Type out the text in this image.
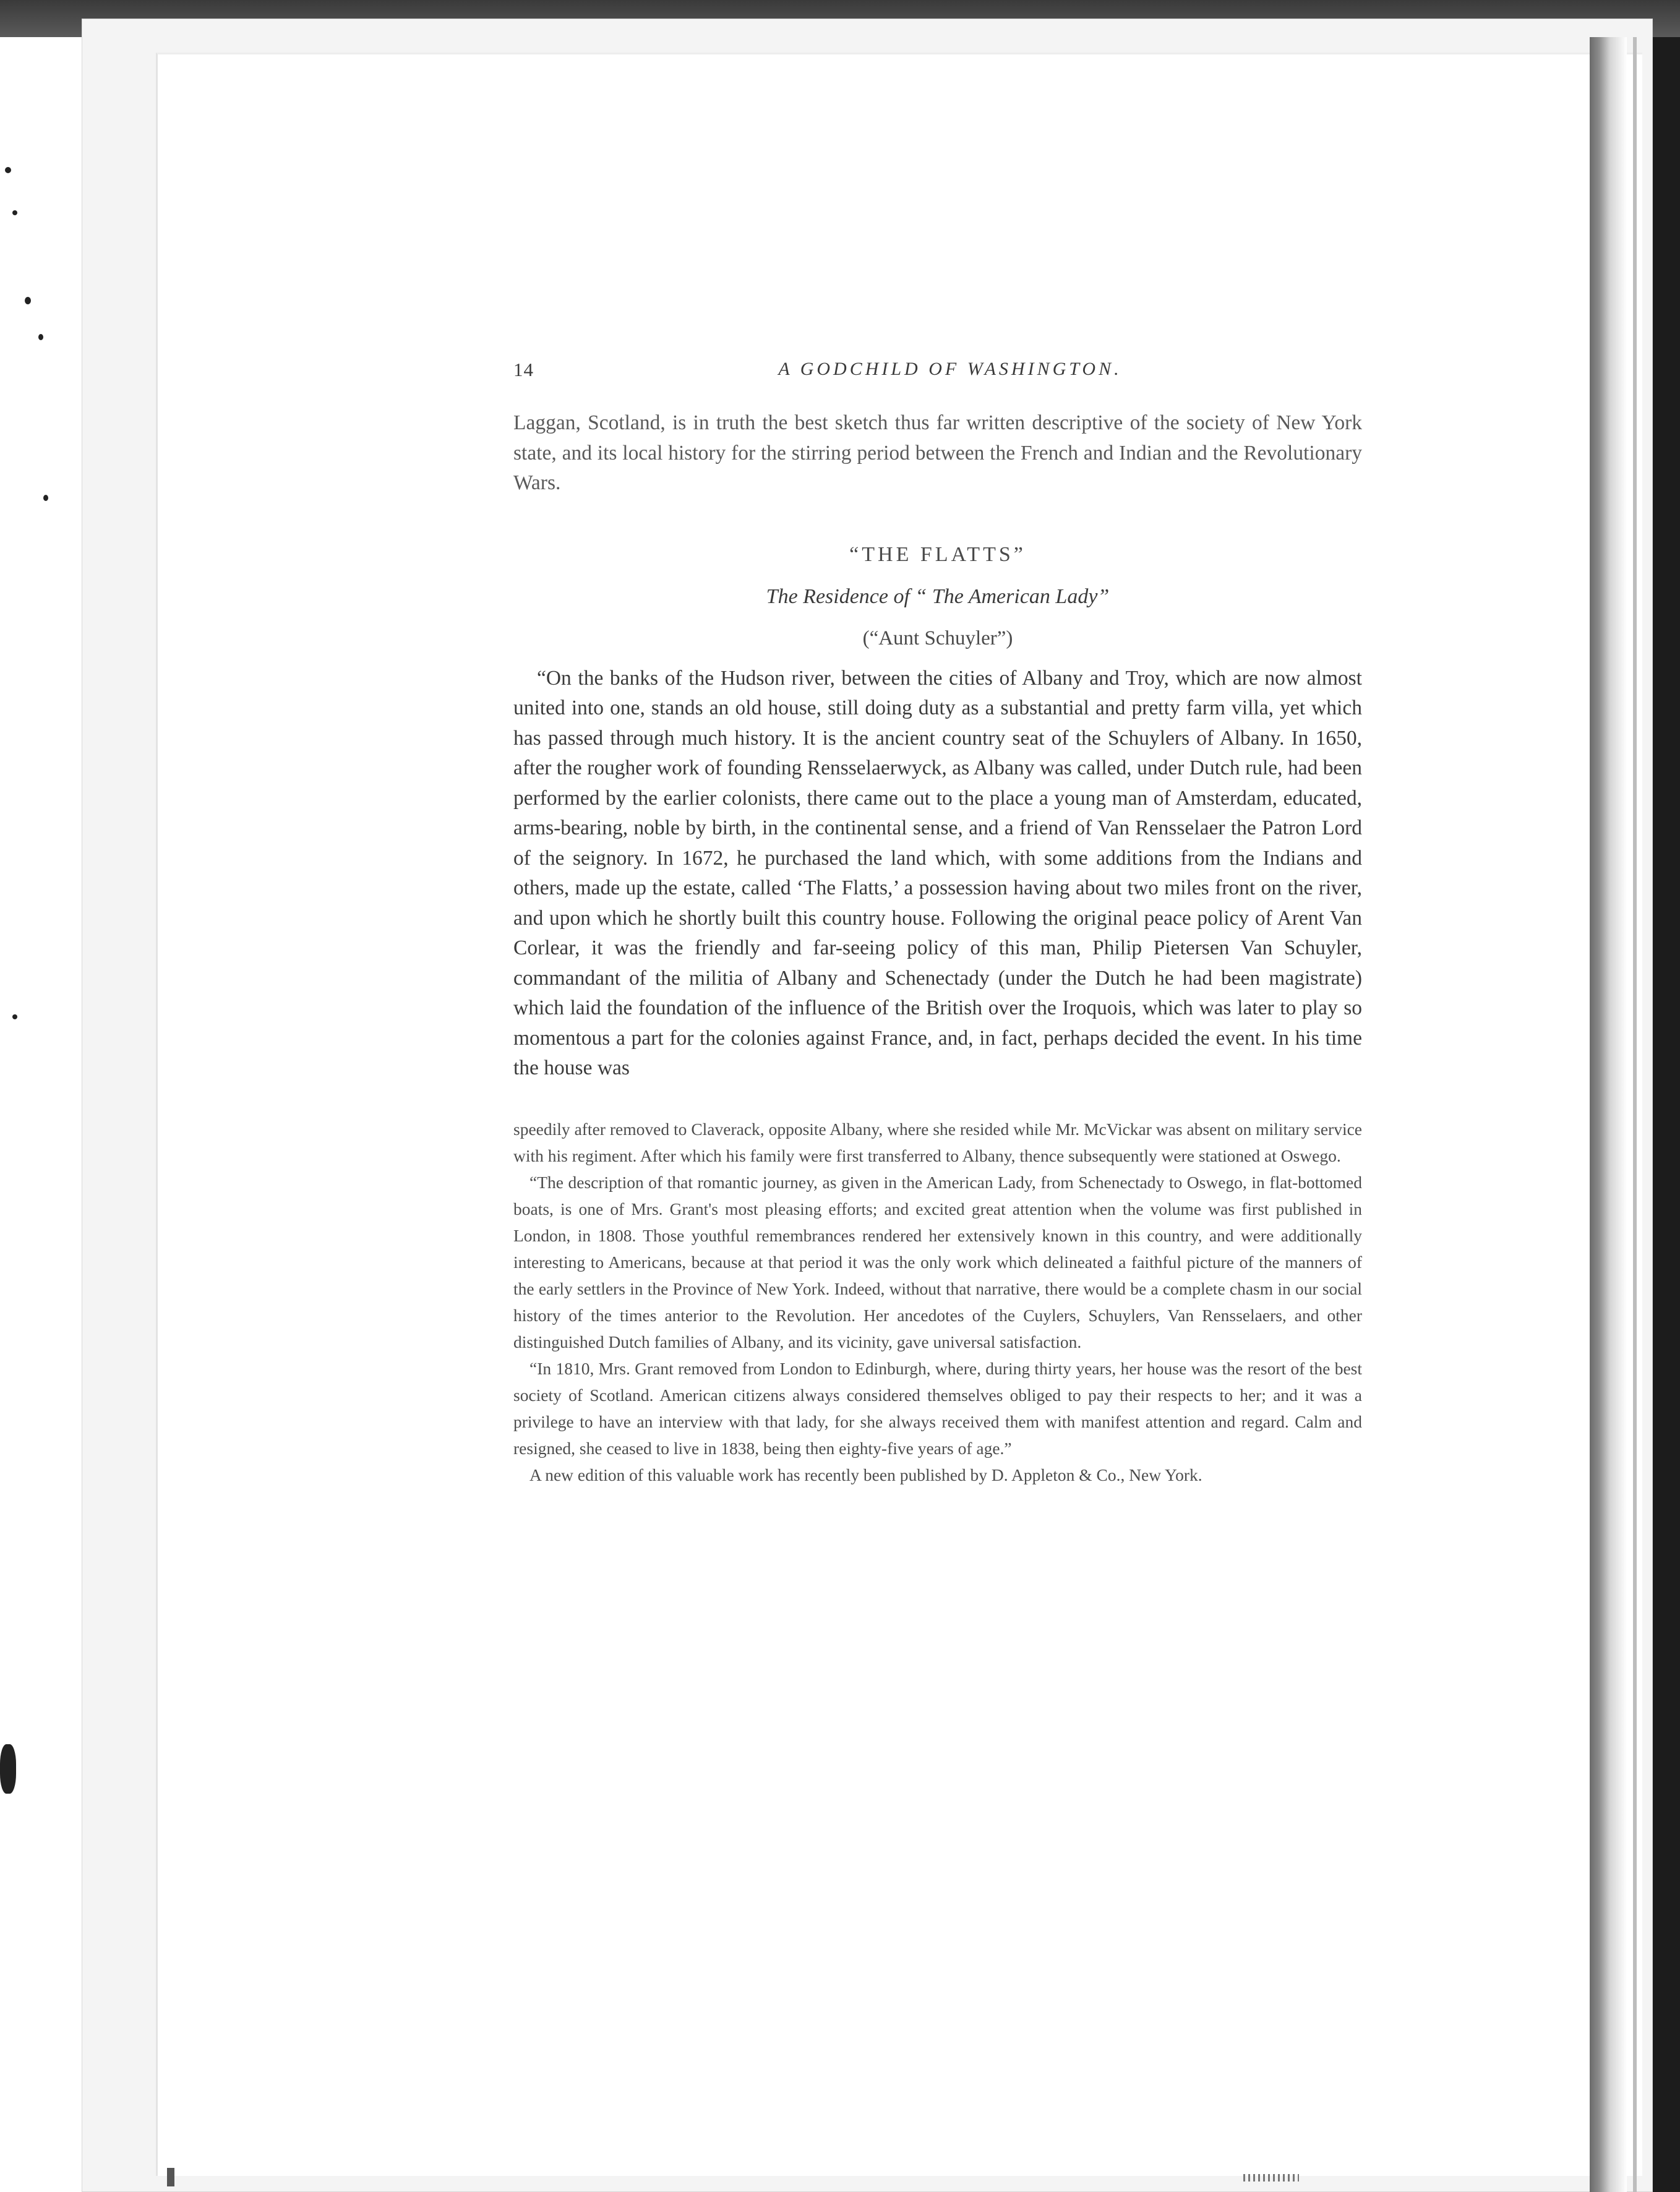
14	A GODCHILD OF WASHINGTON.

Laggan, Scotland, is in truth the best sketch thus far written descriptive of the society of New York state, and its local history for the stirring period between the French and Indian and the Revolutionary Wars.

“THE FLATTS”
The Residence of “ The American Lady”
(“Aunt Schuyler”)

“On the banks of the Hudson river, between the cities of Albany and Troy, which are now almost united into one, stands an old house, still doing duty as a substantial and pretty farm villa, yet which has passed through much history. It is the ancient country seat of the Schuylers of Albany. In 1650, after the rougher work of founding Rensselaerwyck, as Albany was called, under Dutch rule, had been performed by the earlier colonists, there came out to the place a young man of Amsterdam, educated, arms-bearing, noble by birth, in the continental sense, and a friend of Van Rensselaer the Patron Lord of the seignory. In 1672, he purchased the land which, with some additions from the Indians and others, made up the estate, called ‘The Flatts,’ a possession having about two miles front on the river, and upon which he shortly built this country house. Following the original peace policy of Arent Van Corlear, it was the friendly and far-seeing policy of this man, Philip Pietersen Van Schuyler, commandant of the militia of Albany and Schenectady (under the Dutch he had been magistrate) which laid the foundation of the influence of the British over the Iroquois, which was later to play so momentous a part for the colonies against France, and, in fact, perhaps decided the event. In his time the house was

speedily after removed to Claverack, opposite Albany, where she resided while Mr. McVickar was absent on military service with his regiment. After which his family were first transferred to Albany, thence subsequently were stationed at Oswego.

“The description of that romantic journey, as given in the American Lady, from Schenectady to Oswego, in flat-bottomed boats, is one of Mrs. Grant's most pleasing efforts; and excited great attention when the volume was first published in London, in 1808. Those youthful remembrances rendered her extensively known in this country, and were additionally interesting to Americans, because at that period it was the only work which delineated a faithful picture of the manners of the early settlers in the Province of New York. Indeed, without that narrative, there would be a complete chasm in our social history of the times anterior to the Revolution. Her ancedotes of the Cuylers, Schuylers, Van Rensselaers, and other distinguished Dutch families of Albany, and its vicinity, gave universal satisfaction.

“In 1810, Mrs. Grant removed from London to Edinburgh, where, during thirty years, her house was the resort of the best society of Scotland. American citizens always considered themselves obliged to pay their respects to her; and it was a privilege to have an interview with that lady, for she always received them with manifest attention and regard. Calm and resigned, she ceased to live in 1838, being then eighty-five years of age.”

A new edition of this valuable work has recently been published by D. Appleton & Co., New York.
